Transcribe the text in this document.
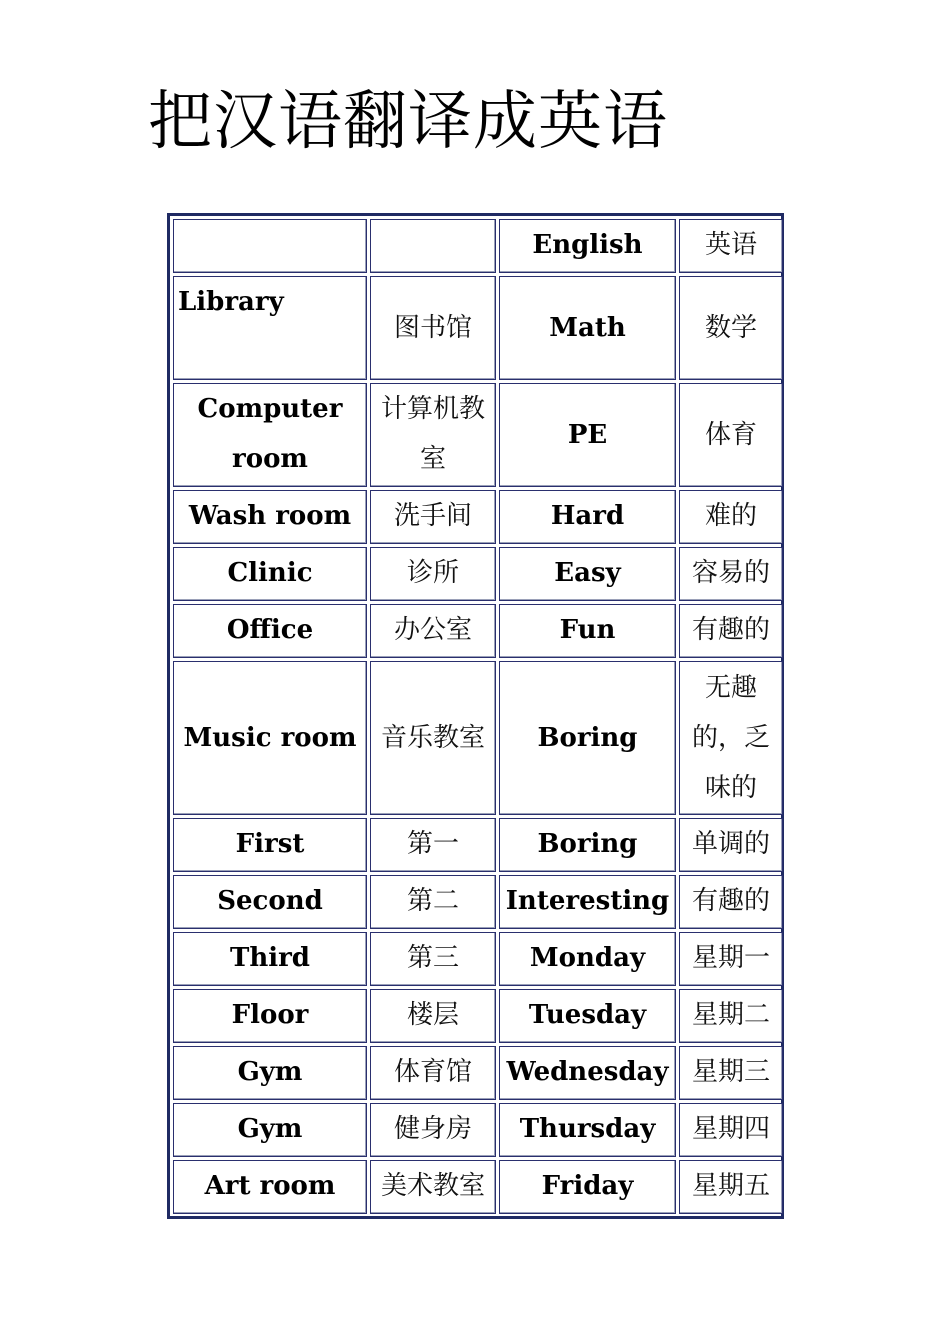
把汉语翻译成英语
		English	英语
Library	图书馆	Math	数学
Computer room	计算机教室	PE	体育
Wash room	洗手间	Hard	难的
Clinic	诊所	Easy	容易的
Office	办公室	Fun	有趣的
Music room	音乐教室	Boring	无趣的，乏味的
First	第一	Boring	单调的
Second	第二	Interesting	有趣的
Third	第三	Monday	星期一
Floor	楼层	Tuesday	星期二
Gym	体育馆	Wednesday	星期三
Gym	健身房	Thursday	星期四
Art room	美术教室	Friday	星期五
